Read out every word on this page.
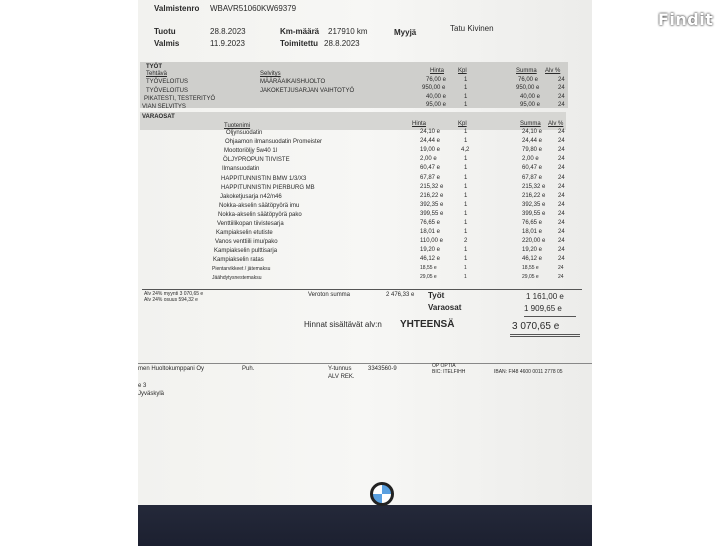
Findit
Valmistenro WBAVR51060KW69379
Tuotu	28.8.2023	Km-määrä 217910 km	Myyjä	Tatu Kivinen
Valmis	11.9.2023	Toimitettu 28.8.2023
TYÖT
Tehtävä	Selvitys	Hinta Kpl	Summa Alv %
TYÖVELOITUS	MÄÄRÄAIKAISHUOLTO	76,00 e	1	76,00 e	24
TYÖVELOITUS	JAKOKETJUSARJAN VAIHTOTYÖ	950,00 e	1	950,00 e	24
PIKATESTI, TESTERITYÖ	40,00 e	1	40,00 e	24
VIAN SELVITYS	95,00 e	1	95,00 e	24
VARAOSAT
Tuotenimi	Hinta	Kpl	Summa Alv %
Öljynsuodatin	24,10 e	1	24,10 e	24
Ohjaamon ilmansuodatin Promeister	24,44 e	1	24,44 e	24
Moottoriöljy 5w40 1l	19,00 e	4,2	79,80 e	24
ÖLJYPROPUN TIIVISTE	2,00 e	1	2,00 e	24
Ilmansuodatin	60,47 e	1	60,47 e	24
HAPPITUNNISTIN BMW 1/3/X3	67,87 e	1	67,87 e	24
HAPPITUNNISTIN PIERBURG MB	215,32 e	1	215,32 e 24
Jakoketjusarja n42/n46	216,22 e	1	216,22 e 24
Nokka-akselin säätöpyörä imu	392,35 e	1	392,35 e 24
Nokka-akselin säätöpyörä pako	399,55 e	1	399,55 e 24
Venttiilikopan tiivistesarja	76,65 e	1	76,65 e	24
Kampiakselin etutiste	18,01 e	1	18,01 e	24
Vanos venttiili imu/pako	110,00 e	2	220,00 e 24
Kampiakselin pulttisarja	19,20 e	1	19,20 e	24
Kampiakselin ratas	46,12 e	1	46,12 e	24
Pientarvikkeet / jätemaksu	18,55 e	1	18,55 e	24
Jäähdytysnestemaksu	29,05 e	1	29,05 e	24
Alv 24% myynti 3 070,65 e
Alv 24% osuus 594,32 e
Veroton summa	2 476,33 e Työt	1 161,00 e
Varaosat	1 909,65 e
Hinnat sisältävät alv:n YHTEENSÄ	3 070,65 e
men Huoltokumppani Oy	Puh.	Y-tunnus	3343560-9
ALV REK.
OP OPTIA
BIC: ITELFIHH	IBAN: FI48 4600 0011 2778 05
e 3
Jyväskylä
